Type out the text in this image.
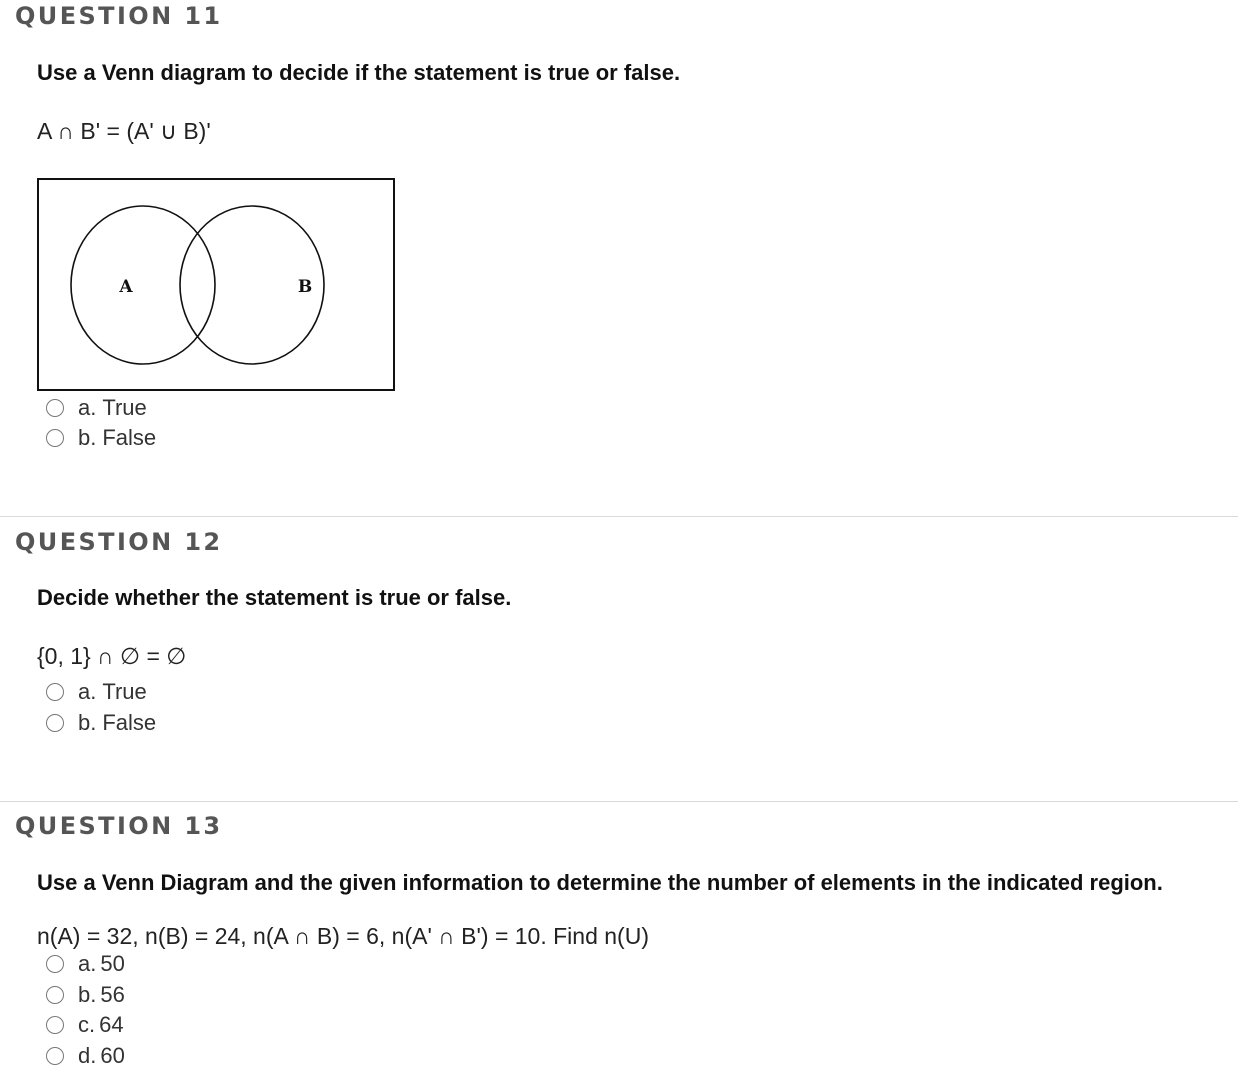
QUESTION 11
Use a Venn diagram to decide if the statement is true or false.
A ∩ B' = (A' ∪ B)'
A	B
a. True
b. False
QUESTION 12
Decide whether the statement is true or false.
{0, 1} ∩ ∅ = ∅
a. True
b. False
QUESTION 13
Use a Venn Diagram and the given information to determine the number of elements in the indicated region.
n(A) = 32, n(B) = 24, n(A ∩ B) = 6, n(A' ∩ B') = 10. Find n(U)
a. 50
b. 56
c. 64
d. 60
